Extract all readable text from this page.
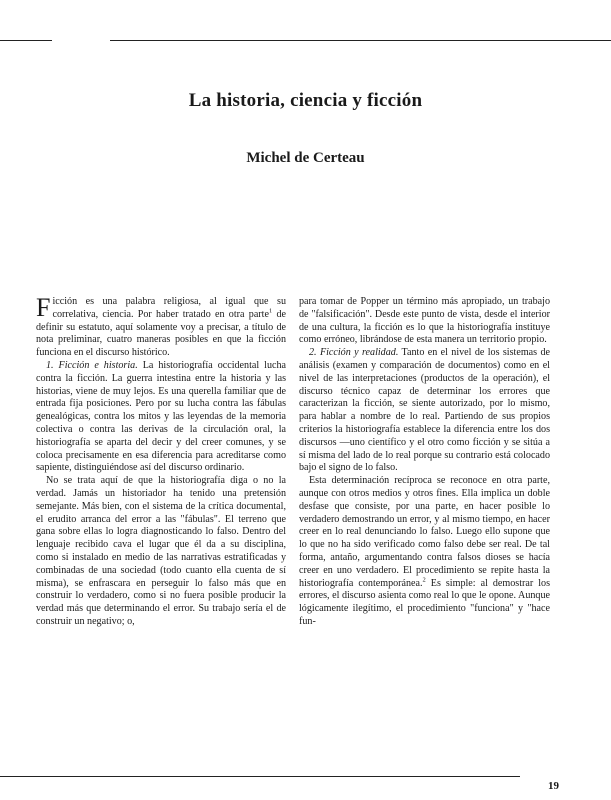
La historia, ciencia y ficción
Michel de Certeau

Ficción es una palabra religiosa, al igual que su correlativa, ciencia. Por haber tratado en otra parte$^1$ de definir su estatuto, aquí solamente voy a precisar, a título de nota preliminar, cuatro maneras posibles en que la ficción funciona en el discurso histórico.

1. Ficción e historia. La historiografía occidental lucha contra la ficción. La guerra intestina entre la historia y las historias, viene de muy lejos. Es una querella familiar que de entrada fija posiciones. Pero por su lucha contra las fábulas genealógicas, contra los mitos y las leyendas de la memoria colectiva o contra las derivas de la circulación oral, la historiografía se aparta del decir y del creer comunes, y se coloca precisamente en esa diferencia para acreditarse como sapiente, distinguiéndose así del discurso ordinario.

No se trata aquí de que la historiografía diga o no la verdad. Jamás un historiador ha tenido una pretensión semejante. Más bien, con el sistema de la crítica documental, el erudito arranca del error a las "fábulas". El terreno que gana sobre ellas lo logra diagnosticando lo falso. Dentro del lenguaje recibido cava el lugar que él da a su disciplina, como si instalado en medio de las narrativas estratificadas y combinadas de una sociedad (todo cuanto ella cuenta de sí misma), se enfrascara en perseguir lo falso más que en construir lo verdadero, como si no fuera posible producir la verdad más que determinando el error. Su trabajo sería el de construir un negativo; o,

para tomar de Popper un término más apropiado, un trabajo de "falsificación". Desde este punto de vista, desde el interior de una cultura, la ficción es lo que la historiografía instituye como erróneo, librándose de esta manera un territorio propio.

2. Ficción y realidad. Tanto en el nivel de los sistemas de análisis (examen y comparación de documentos) como en el nivel de las interpretaciones (productos de la operación), el discurso técnico capaz de determinar los errores que caracterizan la ficción, se siente autorizado, por lo mismo, para hablar a nombre de lo real. Partiendo de sus propios criterios la historiografía establece la diferencia entre los dos discursos —uno científico y el otro como ficción y se sitúa a sí misma del lado de lo real porque su contrario está colocado bajo el signo de lo falso.

Esta determinación recíproca se reconoce en otra parte, aunque con otros medios y otros fines. Ella implica un doble desfase que consiste, por una parte, en hacer posible lo verdadero demostrando un error, y al mismo tiempo, en hacer creer en lo real denunciando lo falso. Luego ello supone que lo que no ha sido verificado como falso debe ser real. De tal forma, antaño, argumentando contra falsos dioses se hacía creer en uno verdadero. El procedimiento se repite hasta la historiografía contemporánea.$^2$ Es simple: al demostrar los errores, el discurso asienta como real lo que le opone. Aunque lógicamente ilegítimo, el procedimiento "funciona" y "hace fun-

19
